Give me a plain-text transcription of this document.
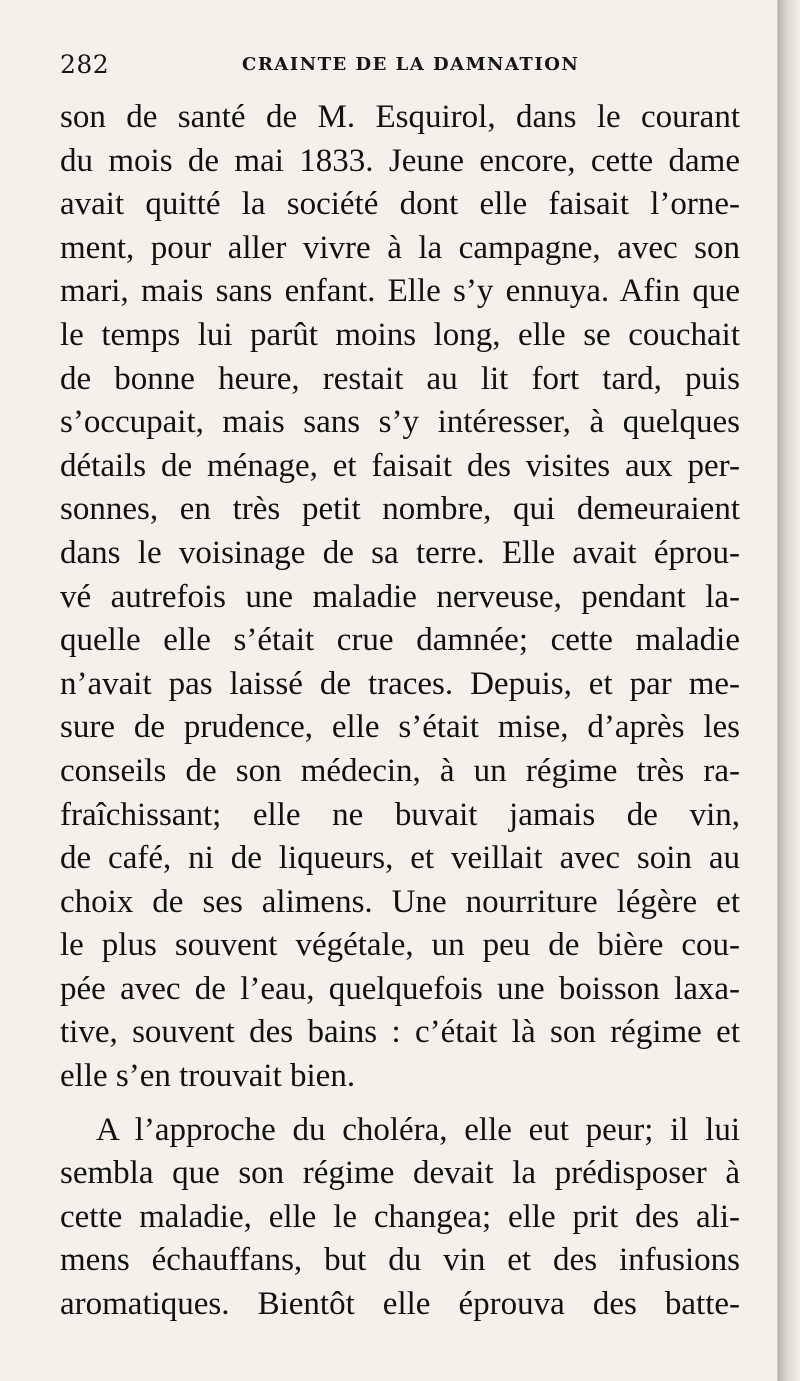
282	CRAINTE DE LA DAMNATION
son de santé de M. Esquirol, dans le courant
du mois de mai 1833. Jeune encore, cette dame
avait quitté la société dont elle faisait l’orne-
ment, pour aller vivre à la campagne, avec son
mari, mais sans enfant. Elle s’y ennuya. Afin que
le temps lui parût moins long, elle se couchait
de bonne heure, restait au lit fort tard, puis
s’occupait, mais sans s’y intéresser, à quelques
détails de ménage, et faisait des visites aux per-
sonnes, en très petit nombre, qui demeuraient
dans le voisinage de sa terre. Elle avait éprou-
vé autrefois une maladie nerveuse, pendant la-
quelle elle s’était crue damnée; cette maladie
n’avait pas laissé de traces. Depuis, et par me-
sure de prudence, elle s’était mise, d’après les
conseils de son médecin, à un régime très ra-
fraîchissant; elle ne buvait jamais de vin,
de café, ni de liqueurs, et veillait avec soin au
choix de ses alimens. Une nourriture légère et
le plus souvent végétale, un peu de bière cou-
pée avec de l’eau, quelquefois une boisson laxa-
tive, souvent des bains : c’était là son régime et
elle s’en trouvait bien.
A l’approche du choléra, elle eut peur; il lui
sembla que son régime devait la prédisposer à
cette maladie, elle le changea; elle prit des ali-
mens échauffans, but du vin et des infusions
aromatiques. Bientôt elle éprouva des batte-
